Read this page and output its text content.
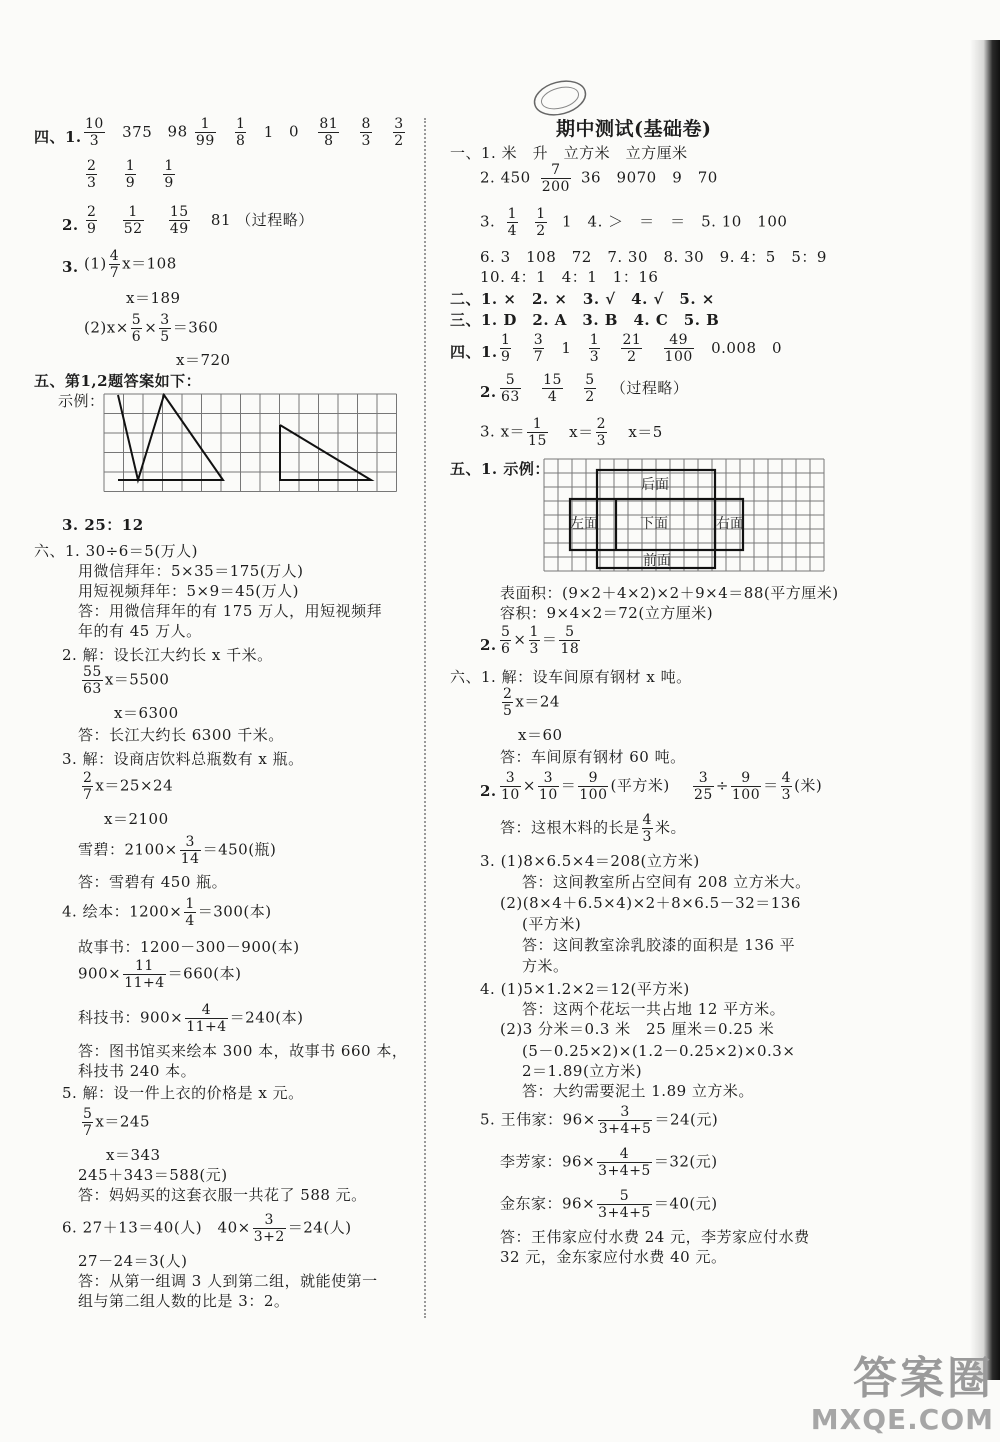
四、1. $\frac{10}{3} 375$ $98 \frac{1}{99}$
$\frac{1}{8} 1$ $0 \frac{81}{8}$
$\frac{8}{3}$
$\frac{3}{2}$
$\frac{2}{3}$
$\frac{1}{9}$
$\frac{1}{9}$
2. $\frac{2}{9}$
$\frac{1}{52}$
$\frac{15}{49} 81$ （过程略）
3. $(1) \frac{4}{7} x=108$
x＝189
$(2)x\times \frac{5}{6} \times \frac{3}{5} =360$
x＝720
五、第1,2题答案如下：
示例：
3. 25：12
六、1. 30÷6＝5(万人)
用微信拜年：5×35＝175(万人)
用短视频拜年：5×9＝45(万人)
答：用微信拜年的有 175 万人，用短视频拜
年的有 45 万人。
2. 解：设长江大约长 x 千米。
$\frac{55}{63} x=5500$
x＝6300
答：长江大约长 6300 千米。
3. 解：设商店饮料总瓶数有 x 瓶。
$\frac{2}{7} x=25\times 24$
x＝2100
雪碧：$2100\times \frac{3}{14} =450$(瓶)
答：雪碧有 450 瓶。
4. 绘本：$1200\times \frac{1}{4} =300$(本)
故事书：1200－300－900(本)
$900\times \frac{11}{11+4} =660$(本)
科技书：$900\times \frac{4}{11+4} =240$(本)
答：图书馆买来绘本 300 本，故事书 660 本，
科技书 240 本。
5. 解：设一件上衣的价格是 x 元。
$\frac{5}{7} x=245$
x＝343
245＋343＝588(元)
答：妈妈买的这套衣服一共花了 588 元。
6. 27＋13＝40(人)　$40\times \frac{3}{3+2} =24$(人)
27－24＝3(人)
答：从第一组调 3 人到第二组，就能使第一
组与第二组人数的比是 3：2。
期中测试(基础卷)
一、1. 米　升　立方米　立方厘米
2. $450 \frac{7}{200} 36$　9070　9　70
3. $\frac{1}{4}$
$\frac{1}{2} 1$　4. ＞　＝　＝　5. 10　100
6. 3　108　72　7. 30　8. 30　9. 4：5　5：9
10. 4：1　4：1　1：16
二、1. ×　2. ×　3. √　4. √　5. ×
三、1. D　2. A　3. B　4. C　5. B
四、1. $\frac{1}{9}$
$\frac{3}{7} 1 \frac{1}{3}$
$\frac{21}{2}$
$\frac{49}{100} 0.008$　0
2. $\frac{5}{63}$
$\frac{15}{4}$
$\frac{5}{2}$ （过程略）
3. $x= \frac{1}{15} x= \frac{2}{3} x=5$
五、1. 示例：
后面
左面	下面	右面
前面
表面积：(9×2＋4×2)×2＋9×4＝88(平方厘米)
容积：9×4×2＝72(立方厘米)
2. $\frac{5}{6} \times \frac{1}{3} = \frac{5}{18}$
六、1. 解：设车间原有钢材 x 吨。
$\frac{2}{5} x=24$
x＝60
答：车间原有钢材 60 吨。
2. $\frac{3}{10} \times \frac{3}{10} = \frac{9}{100}$ (平方米) $\frac{3}{25} \div \frac{9}{100} = \frac{4}{3}$ (米)
答：这根木料的长是 $\frac{4}{3}$ 米。
3. (1)8×6.5×4＝208(立方米)
答：这间教室所占空间有 208 立方米大。
(2)(8×4＋6.5×4)×2＋8×6.5－32＝136
(平方米)
答：这间教室涂乳胶漆的面积是 136 平
方米。
4. (1)5×1.2×2＝12(平方米)
答：这两个花坛一共占地 12 平方米。
(2)3 分米＝0.3 米　25 厘米＝0.25 米
(5－0.25×2)×(1.2－0.25×2)×0.3×
2＝1.89(立方米)
答：大约需要泥土 1.89 立方米。
5. 王伟家：$96\times \frac{3}{3+4+5} =24$(元)
李芳家：$96\times \frac{4}{3+4+5} =32$(元)
金东家：$96\times \frac{5}{3+4+5} =40$(元)
答：王伟家应付水费 24 元，李芳家应付水费
32 元，金东家应付水费 40 元。
答案圈
MXQE.COM
